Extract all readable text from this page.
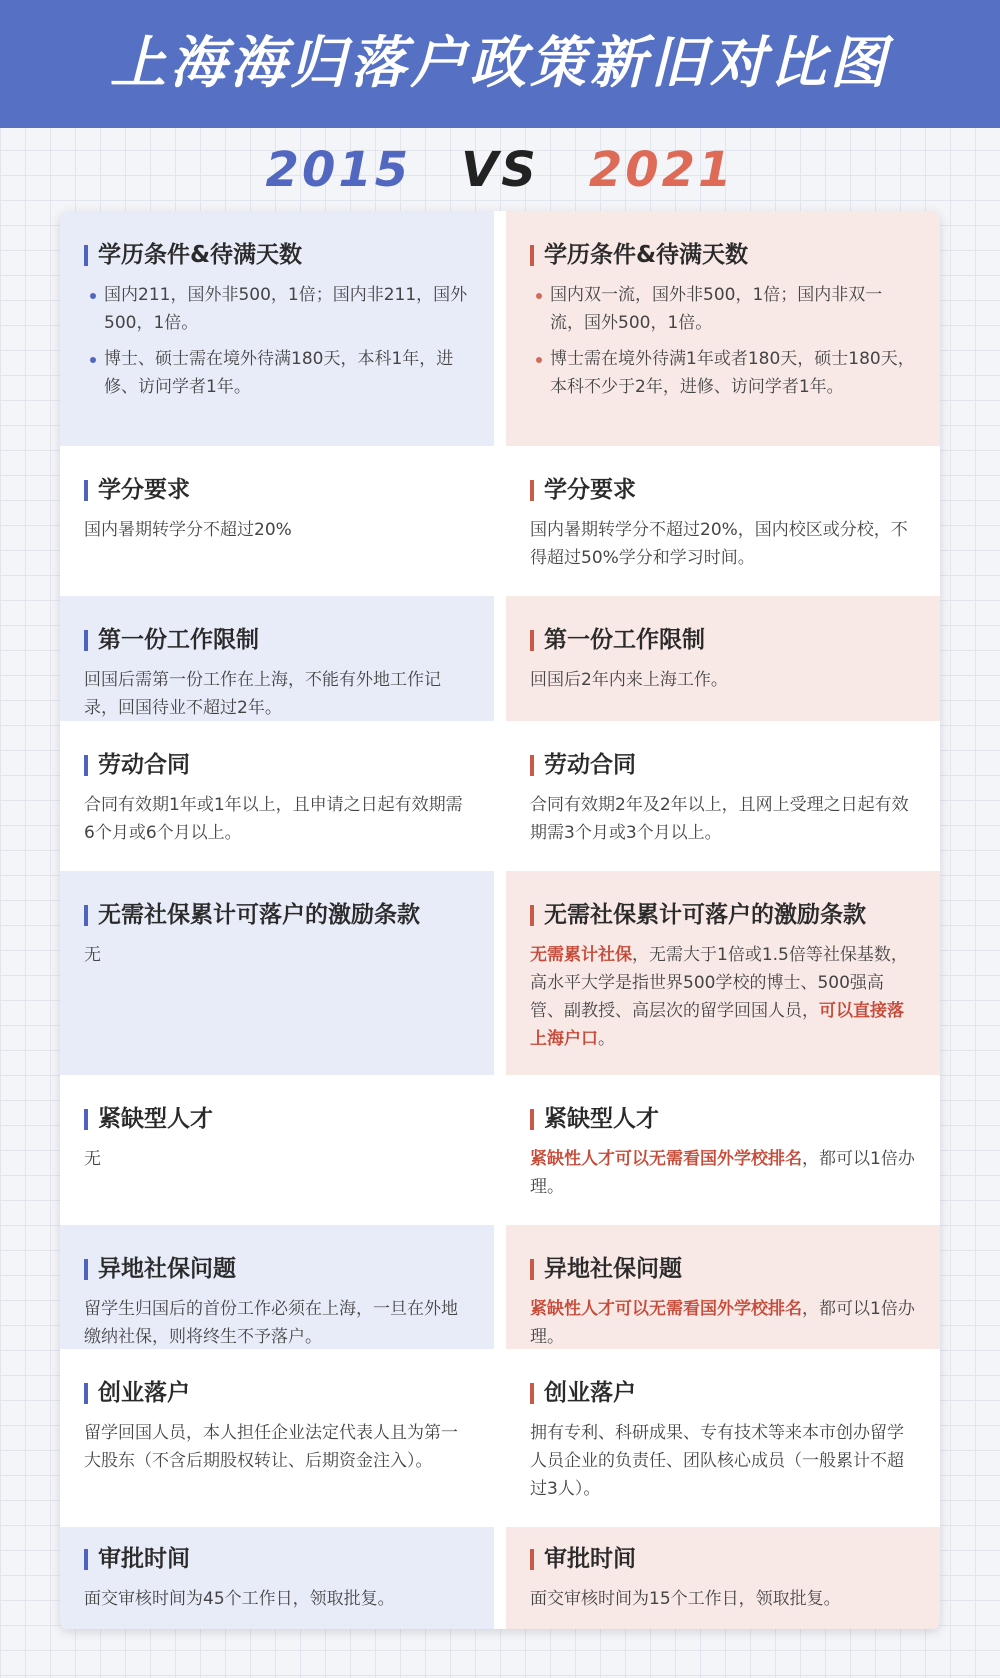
上海海归落户政策新旧对比图
2015 VS 2021
学历条件&待满天数
国内211，国外非500，1倍；国内非211，国外500，1倍。
博士、硕士需在境外待满180天，本科1年，进修、访问学者1年。
学历条件&待满天数
国内双一流，国外非500，1倍；国内非双一流，国外500，1倍。
博士需在境外待满1年或者180天，硕士180天，本科不少于2年，进修、访问学者1年。
学分要求

国内暑期转学分不超过20%

学分要求

国内暑期转学分不超过20%，国内校区或分校，不得超过50%学分和学习时间。

第一份工作限制

回国后需第一份工作在上海，不能有外地工作记录，回国待业不超过2年。

第一份工作限制

回国后2年内来上海工作。

劳动合同

合同有效期1年或1年以上，且申请之日起有效期需6个月或6个月以上。

劳动合同

合同有效期2年及2年以上，且网上受理之日起有效期需3个月或3个月以上。

无需社保累计可落户的激励条款

无

无需社保累计可落户的激励条款

无需累计社保，无需大于1倍或1.5倍等社保基数，高水平大学是指世界500学校的博士、500强高管、副教授、高层次的留学回国人员，可以直接落上海户口。

紧缺型人才

无

紧缺型人才

紧缺性人才可以无需看国外学校排名，都可以1倍办理。

异地社保问题

留学生归国后的首份工作必须在上海，一旦在外地缴纳社保，则将终生不予落户。

异地社保问题

紧缺性人才可以无需看国外学校排名，都可以1倍办理。

创业落户

留学回国人员，本人担任企业法定代表人且为第一大股东（不含后期股权转让、后期资金注入）。

创业落户

拥有专利、科研成果、专有技术等来本市创办留学人员企业的负责任、团队核心成员（一般累计不超过3人）。

审批时间

面交审核时间为45个工作日，领取批复。

审批时间

面交审核时间为15个工作日，领取批复。
